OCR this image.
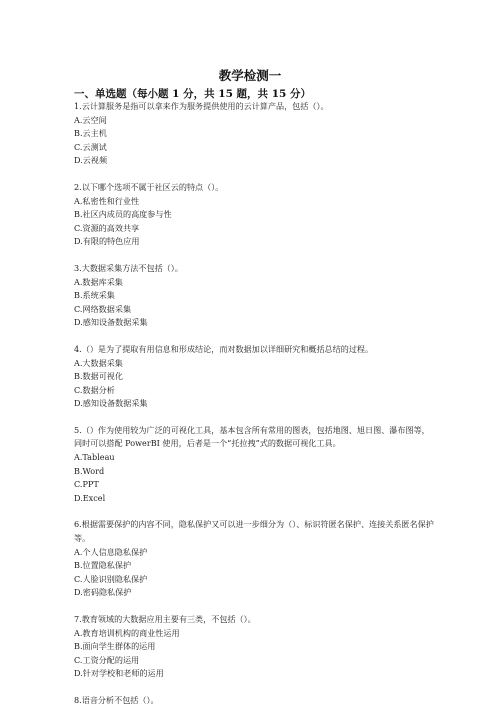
教学检测一
一、单选题（每小题 1 分，共 15 题，共 15 分）

1.云计算服务是指可以拿来作为服务提供使用的云计算产品，包括（）。

A.云空间

B.云主机

C.云测试

D.云视频

2.以下哪个选项不属于社区云的特点（）。

A.私密性和行业性

B.社区内成员的高度参与性

C.资源的高效共享

D.有限的特色应用

3.大数据采集方法不包括（）。

A.数据库采集

B.系统采集

C.网络数据采集

D.感知设备数据采集

4.（）是为了提取有用信息和形成结论，而对数据加以详细研究和概括总结的过程。

A.大数据采集

B.数据可视化

C.数据分析

D.感知设备数据采集

5.（）作为使用较为广泛的可视化工具，基本包含所有常用的图表，包括地图、旭日图、瀑布图等，同时可以搭配 PowerBI 使用，后者是一个“托拉拽”式的数据可视化工具。

A.Tableau

B.Word

C.PPT

D.Excel

6.根据需要保护的内容不同，隐私保护又可以进一步细分为（）、标识符匿名保护、连接关系匿名保护等。

A.个人信息隐私保护

B.位置隐私保护

C.人脸识别隐私保护

D.密码隐私保护

7.教育领域的大数据应用主要有三类，不包括（）。

A.教育培训机构的商业性运用

B.面向学生群体的运用

C.工资分配的运用

D.针对学校和老师的运用

8.语音分析不包括（）。
